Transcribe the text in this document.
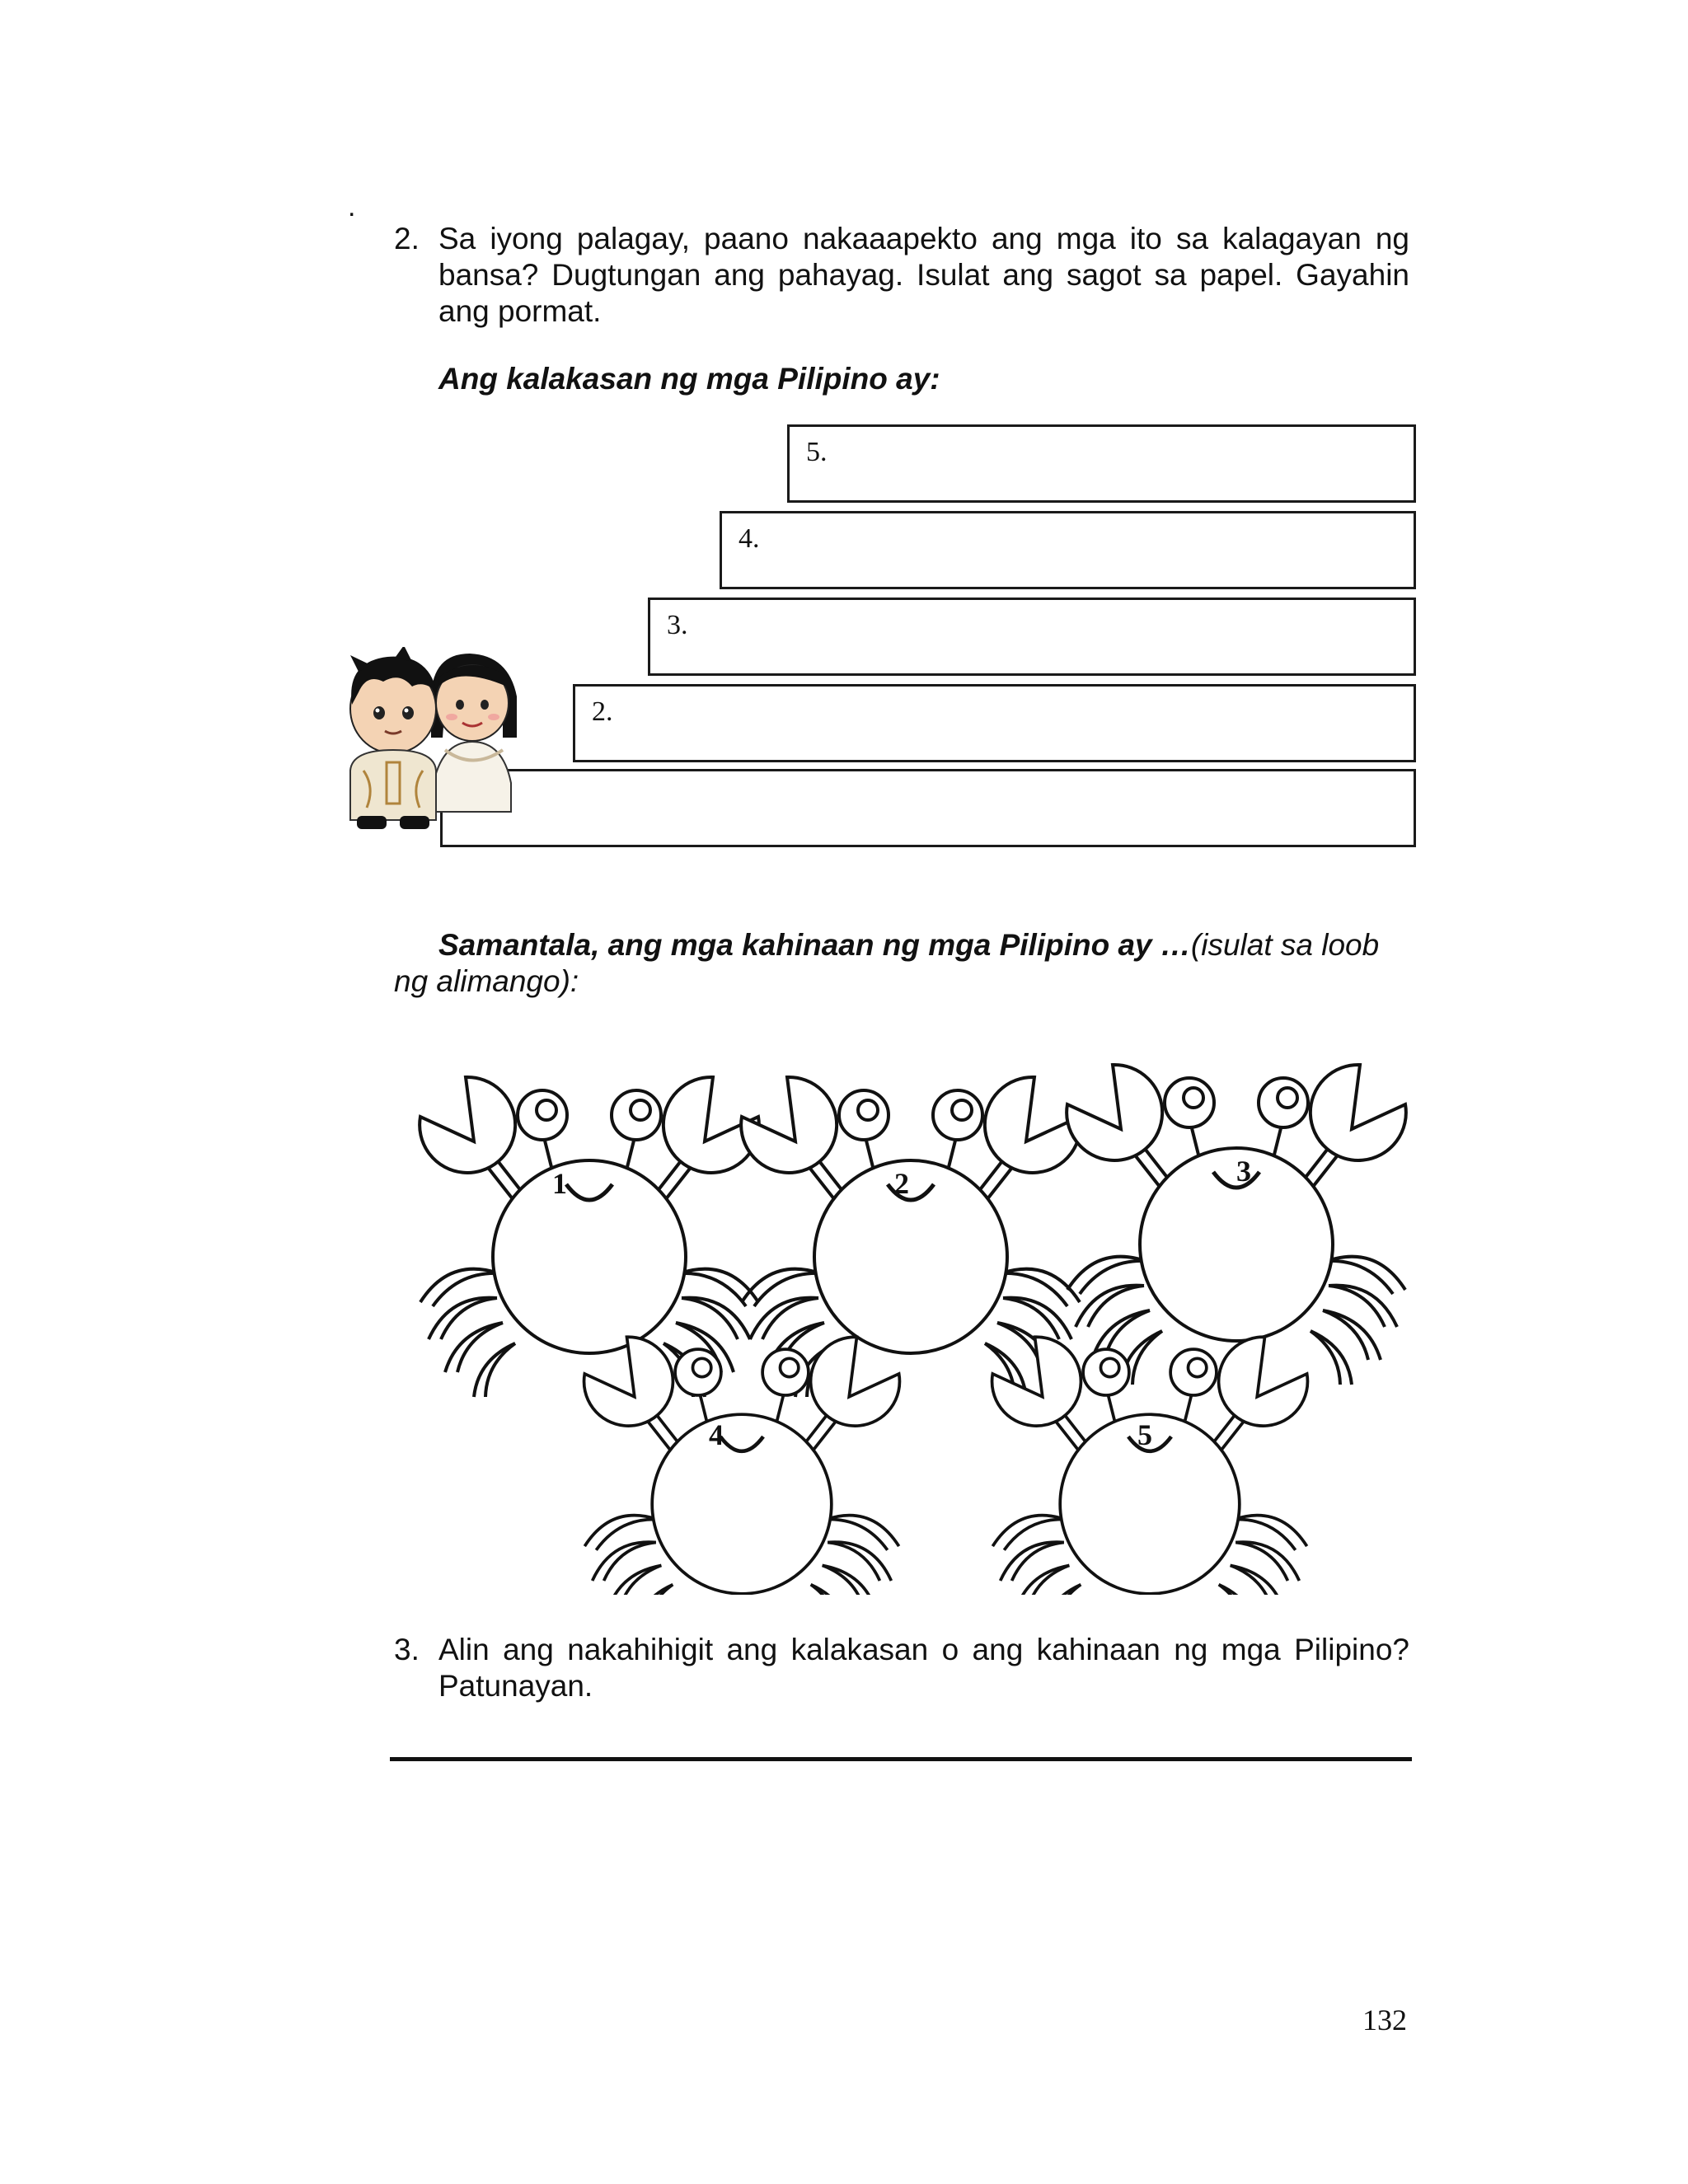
.
2. Sa iyong palagay, paano nakaaapekto ang mga ito sa kalagayan ng bansa? Dugtungan ang pahayag. Isulat ang sagot sa papel. Gayahin ang pormat.
Ang kalakasan ng mga Pilipino ay:
5.
4.
3.
2.
Samantala, ang mga kahinaan ng mga Pilipino ay …(isulat sa loob ng alimango):
1	2	3
4	5
3. Alin ang nakahihigit ang kalakasan o ang kahinaan ng mga Pilipino? Patunayan.
132
